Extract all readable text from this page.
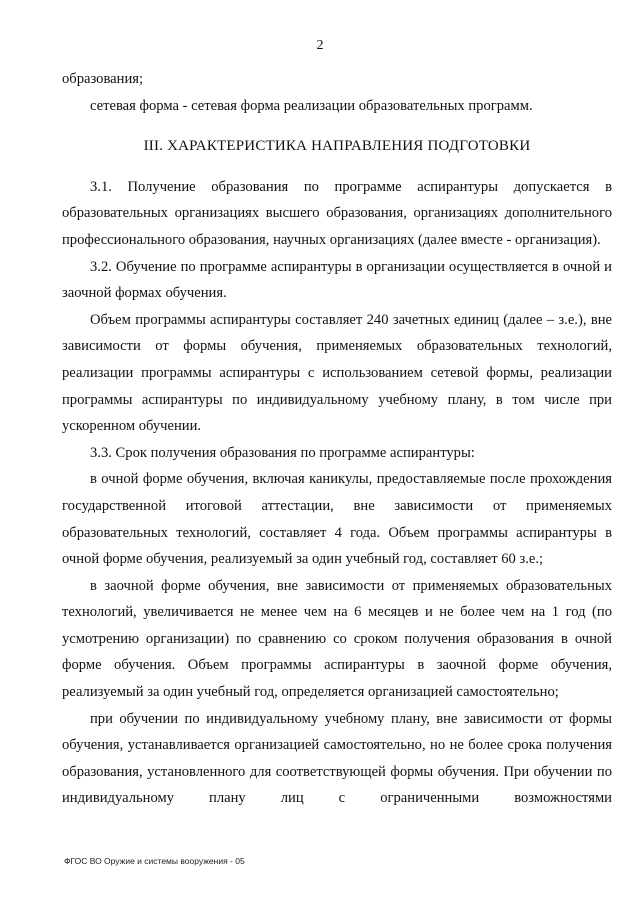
2

образования;

сетевая форма - сетевая форма реализации образовательных программ.

III. ХАРАКТЕРИСТИКА НАПРАВЛЕНИЯ ПОДГОТОВКИ

3.1. Получение образования по программе аспирантуры допускается в образовательных организациях высшего образования, организациях дополнительного профессионального образования, научных организациях (далее вместе - организация).

3.2. Обучение по программе аспирантуры в организации осуществляется в очной и заочной формах обучения.

Объем программы аспирантуры составляет 240 зачетных единиц (далее – з.е.), вне зависимости от формы обучения, применяемых образовательных технологий, реализации программы аспирантуры с использованием сетевой формы, реализации программы аспирантуры по индивидуальному учебному плану, в том числе при ускоренном обучении.

3.3. Срок получения образования по программе аспирантуры:

в очной форме обучения, включая каникулы, предоставляемые после прохождения государственной итоговой аттестации, вне зависимости от применяемых образовательных технологий, составляет 4 года. Объем программы аспирантуры в очной форме обучения, реализуемый за один учебный год, составляет 60 з.е.;

в заочной форме обучения, вне зависимости от применяемых образовательных технологий, увеличивается не менее чем на 6 месяцев и не более чем на 1 год (по усмотрению организации) по сравнению со сроком получения образования в очной форме обучения. Объем программы аспирантуры в заочной форме обучения, реализуемый за один учебный год, определяется организацией самостоятельно;

при обучении по индивидуальному учебному плану, вне зависимости от формы обучения, устанавливается организацией самостоятельно, но не более срока получения образования, установленного для соответствующей формы обучения. При обучении по индивидуальному плану лиц с ограниченными возможностями

ФГОС ВО Оружие и системы вооружения - 05
